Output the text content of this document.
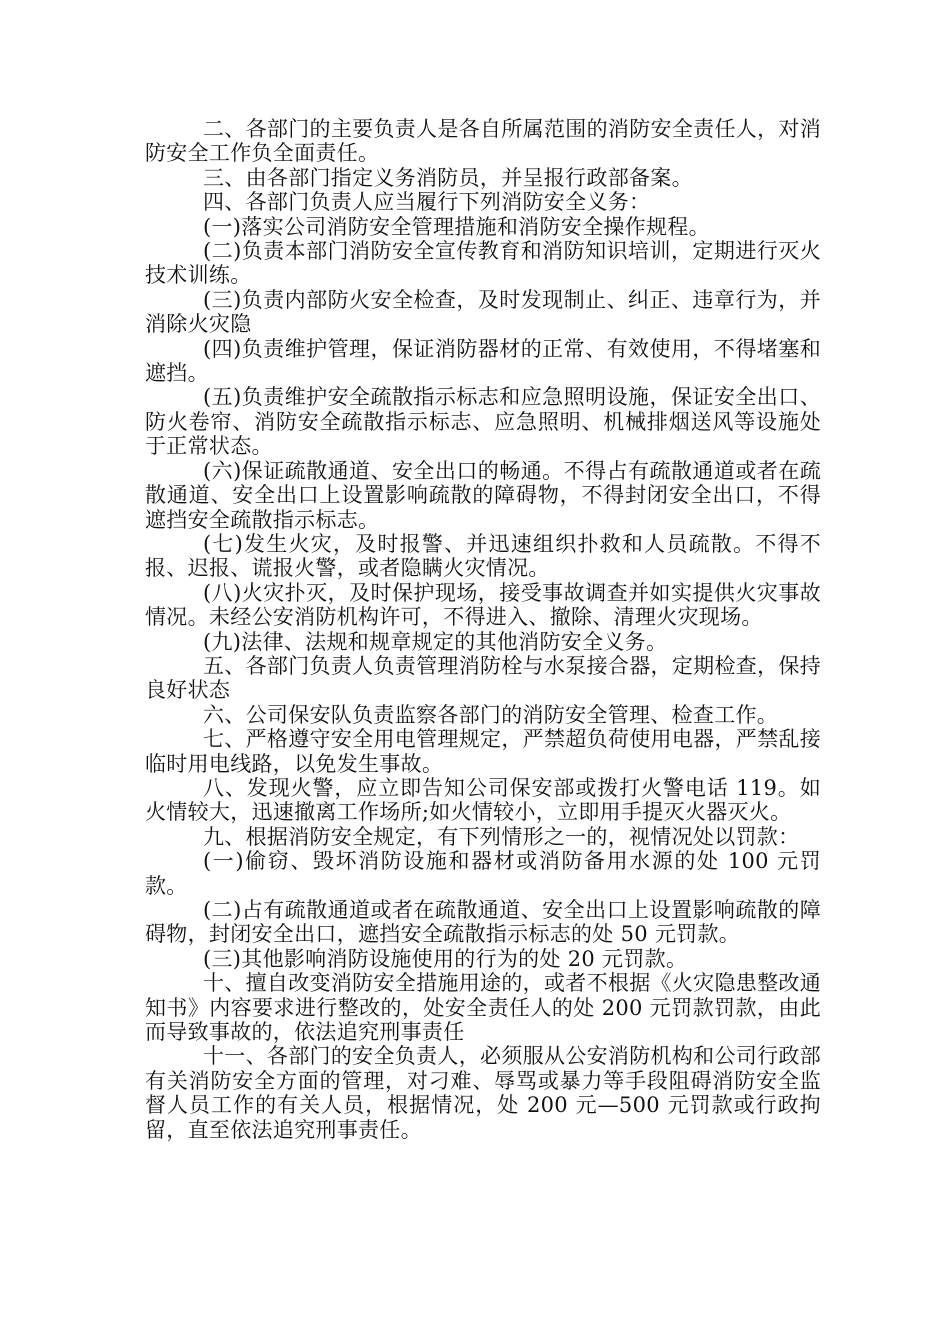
二、各部门的主要负责人是各自所属范围的消防安全责任人，对消防安全工作负全面责任。

三、由各部门指定义务消防员，并呈报行政部备案。

四、各部门负责人应当履行下列消防安全义务：

(一)落实公司消防安全管理措施和消防安全操作规程。

(二)负责本部门消防安全宣传教育和消防知识培训，定期进行灭火技术训练。

(三)负责内部防火安全检查，及时发现制止、纠正、违章行为，并消除火灾隐

(四)负责维护管理，保证消防器材的正常、有效使用，不得堵塞和遮挡。

(五)负责维护安全疏散指示标志和应急照明设施，保证安全出口、防火卷帘、消防安全疏散指示标志、应急照明、机械排烟送风等设施处于正常状态。

(六)保证疏散通道、安全出口的畅通。不得占有疏散通道或者在疏散通道、安全出口上设置影响疏散的障碍物，不得封闭安全出口，不得遮挡安全疏散指示标志。

(七)发生火灾，及时报警、并迅速组织扑救和人员疏散。不得不报、迟报、谎报火警，或者隐瞒火灾情况。

(八)火灾扑灭，及时保护现场，接受事故调查并如实提供火灾事故情况。未经公安消防机构许可，不得进入、撤除、清理火灾现场。

(九)法律、法规和规章规定的其他消防安全义务。

五、各部门负责人负责管理消防栓与水泵接合器，定期检查，保持良好状态

六、公司保安队负责监察各部门的消防安全管理、检查工作。

七、严格遵守安全用电管理规定，严禁超负荷使用电器，严禁乱接临时用电线路，以免发生事故。

八、发现火警，应立即告知公司保安部或拨打火警电话 119。如火情较大，迅速撤离工作场所;如火情较小，立即用手提灭火器灭火。

九、根据消防安全规定，有下列情形之一的，视情况处以罚款：

(一)偷窃、毁坏消防设施和器材或消防备用水源的处 100 元罚款。

(二)占有疏散通道或者在疏散通道、安全出口上设置影响疏散的障碍物，封闭安全出口，遮挡安全疏散指示标志的处 50 元罚款。

(三)其他影响消防设施使用的行为的处 20 元罚款。

十、擅自改变消防安全措施用途的，或者不根据《火灾隐患整改通知书》内容要求进行整改的，处安全责任人的处 200 元罚款罚款，由此而导致事故的，依法追究刑事责任

十一、各部门的安全负责人，必须服从公安消防机构和公司行政部有关消防安全方面的管理，对刁难、辱骂或暴力等手段阻碍消防安全监督人员工作的有关人员，根据情况，处 200 元—500 元罚款或行政拘留，直至依法追究刑事责任。
